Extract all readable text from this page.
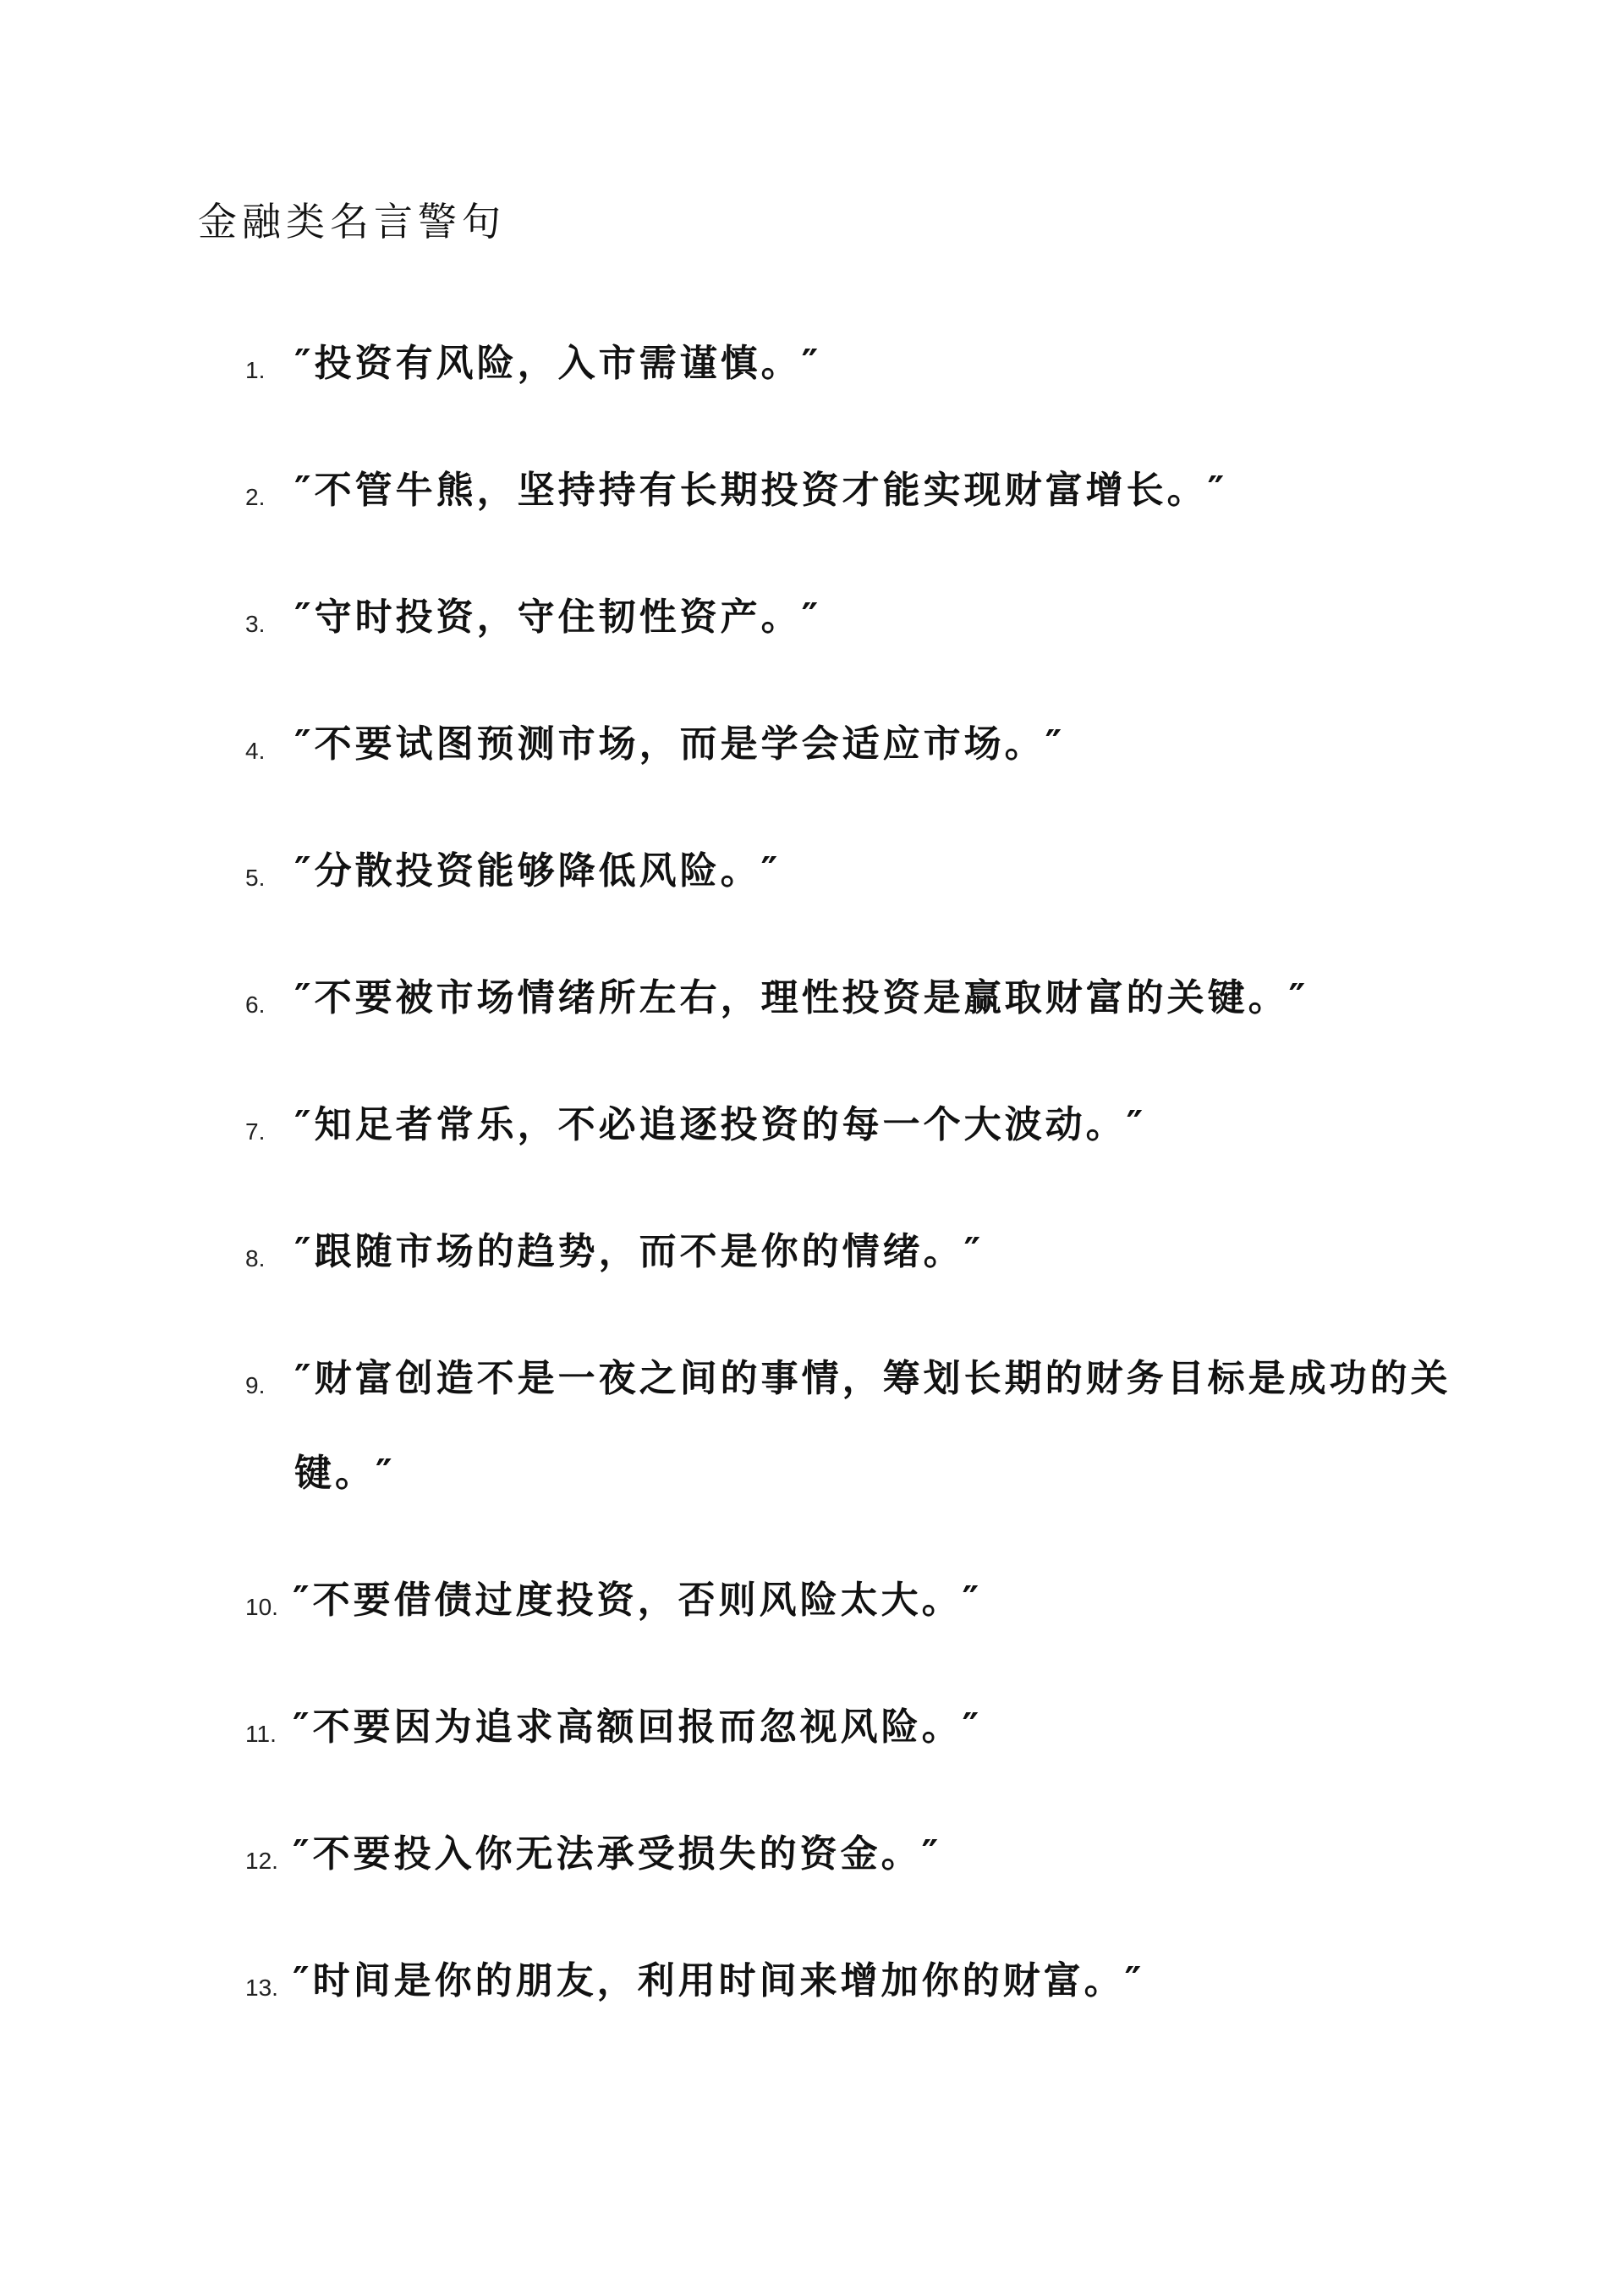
金融类名言警句
1. ″投资有风险，入市需谨慎。″
2. ″不管牛熊，坚持持有长期投资才能实现财富增长。″
3. ″守时投资，守住韧性资产。″
4. ″不要试图预测市场，而是学会适应市场。″
5. ″分散投资能够降低风险。″
6. ″不要被市场情绪所左右，理性投资是赢取财富的关键。″
7. ″知足者常乐，不必追逐投资的每一个大波动。″
8. ″跟随市场的趋势，而不是你的情绪。″
9. ″财富创造不是一夜之间的事情，筹划长期的财务目标是成功的关键。″
10. ″不要借债过度投资，否则风险太大。″
11. ″不要因为追求高额回报而忽视风险。″
12. ″不要投入你无法承受损失的资金。″
13. ″时间是你的朋友，利用时间来增加你的财富。″
